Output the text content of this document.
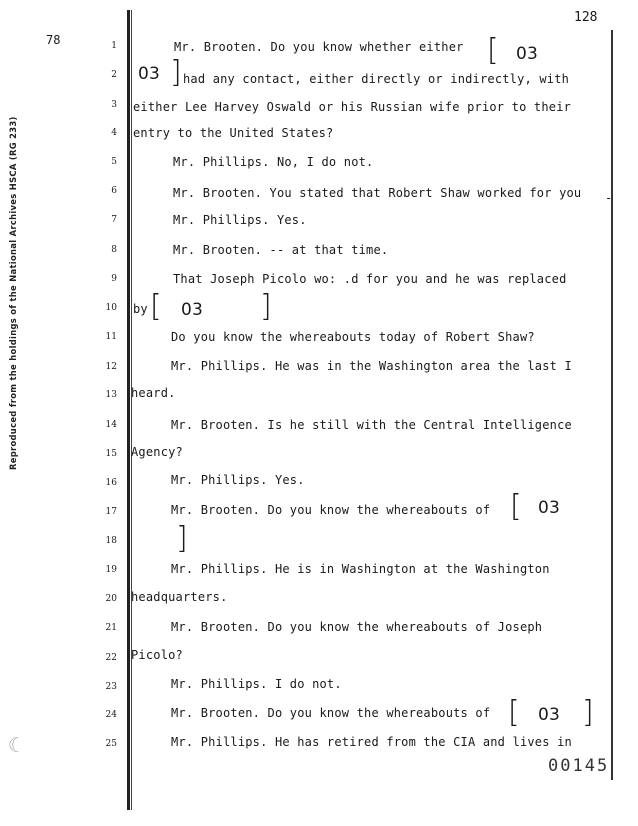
Reproduced from the holdings of the National Archives HSCA (RG 233)
78
128
☾
1
2
3
4
5
6
7
8
9
10
11
12
13
14
15
16
17
18
19
20
21
22
23
24
25
Mr. Brooten. Do you know whether either
had any contact, either directly or indirectly, with
either Lee Harvey Oswald or his Russian wife prior to their
entry to the United States?
Mr. Phillips. No, I do not.
Mr. Brooten. You stated that Robert Shaw worked for you
Mr. Phillips. Yes.
Mr. Brooten. -- at that time.
That Joseph Picolo wo: .d for you and he was replaced
by
Do you know the whereabouts today of Robert Shaw?
Mr. Phillips. He was in the Washington area the last I
heard.
Mr. Brooten. Is he still with the Central Intelligence
Agency?
Mr. Phillips. Yes.
Mr. Brooten. Do you know the whereabouts of
Mr. Phillips. He is in Washington at the Washington
headquarters.
Mr. Brooten. Do you know the whereabouts of Joseph
Picolo?
Mr. Phillips. I do not.
Mr. Brooten. Do you know the whereabouts of
Mr. Phillips. He has retired from the CIA and lives in
-
[ 03
03 ]
[ 03 ]
[ 03
]
[ 03 ]
00145
